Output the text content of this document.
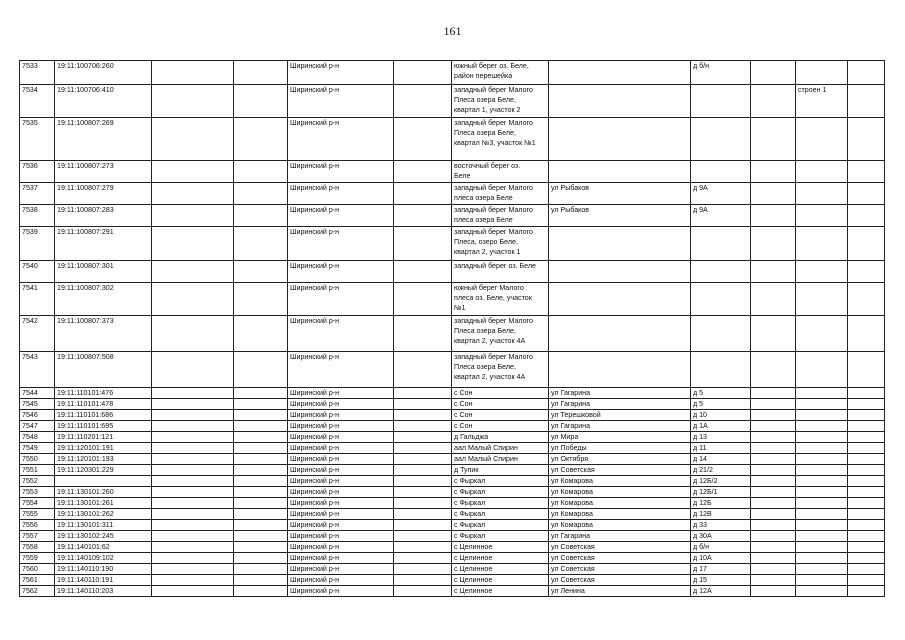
161
7533	19:11:100706:260			Ширинский р-н		южный берег оз. Беле,
район перешейка		д б/н			
7534	19:11:100706:410			Ширинский р-н		западный берег Малого
Плеса озера Беле,
квартал 1, участок 2				строен 1	
7535	19:11:100807:269			Ширинский р-н		западный берег Малого
Плеса озера Беле,
квартал №3, участок №1					
7536	19:11:100807:273			Ширинский р-н		восточный берег оз.
Беле					
7537	19:11:100807:279			Ширинский р-н		западный берег Малого
плеса озера Беле	ул Рыбаков	д 9А			
7538	19:11:100807:283			Ширинский р-н		западный берег Малого
плеса озера Беле	ул Рыбаков	д 9А			
7539	19:11:100807:291			Ширинский р-н		западный берег Малого
Плеса, озеро Беле,
квартал 2, участок 1					
7540	19:11:100807:301			Ширинский р-н		западный берег оз. Беле					
7541	19:11:100807:302			Ширинский р-н		южный берег Малого
плеса оз. Беле, участок
№1					
7542	19:11:100807:373			Ширинский р-н		западный берег Малого
Плеса озера Беле,
квартал 2, участок 4А					
7543	19:11:100807:508			Ширинский р-н		западный берег Малого
Плеса озера Беле,
квартал 2, участок 4А					
7544	19:11:110101:476			Ширинский р-н		с Сон	ул Гагарина	д 5			
7545	19:11:110101:478			Ширинский р-н		с Сон	ул Гагарина	д 5			
7546	19:11:110101:686			Ширинский р-н		с Сон	ул Терешковой	д 10			
7547	19:11:110101:695			Ширинский р-н		с Сон	ул Гагарина	д 1А			
7548	19:11:110201:121			Ширинский р-н		д Гальджа	ул Мира	д 13			
7549	19:11:120101:191			Ширинский р-н		аал Малый Спирин	ул Победы	д 11			
7550	19:11:120101:193			Ширинский р-н		аал Малый Спирин	ул Октября	д 14			
7551	19:11:120301:229			Ширинский р-н		д Тупик	ул Советская	д 21/2			
7552				Ширинский р-н		с Фыркал	ул Комарова	д 12Б/2			
7553	19:11:130101:260			Ширинский р-н		с Фыркал	ул Комарова	д 12Б/1			
7554	19:11:130101:261			Ширинский р-н		с Фыркал	ул Комарова	д 12Б			
7555	19:11:130101:262			Ширинский р-н		с Фыркал	ул Комарова	д 12В			
7556	19:11:130101:311			Ширинский р-н		с Фыркал	ул Комарова	д 33			
7557	19:11:130102:245			Ширинский р-н		с Фыркал	ул Гагарина	д 30А			
7558	19:11:140101:62			Ширинский р-н		с Целинное	ул Советская	д б/н			
7559	19:11:140109:102			Ширинский р-н		с Целинное	ул Советская	д 10А			
7560	19:11:140110:190			Ширинский р-н		с Целинное	ул Советская	д 17			
7561	19:11:140110:191			Ширинский р-н		с Целинное	ул Советская	д 15			
7562	19:11:140110:203			Ширинский р-н		с Целинное	ул Ленина	д 12А			
